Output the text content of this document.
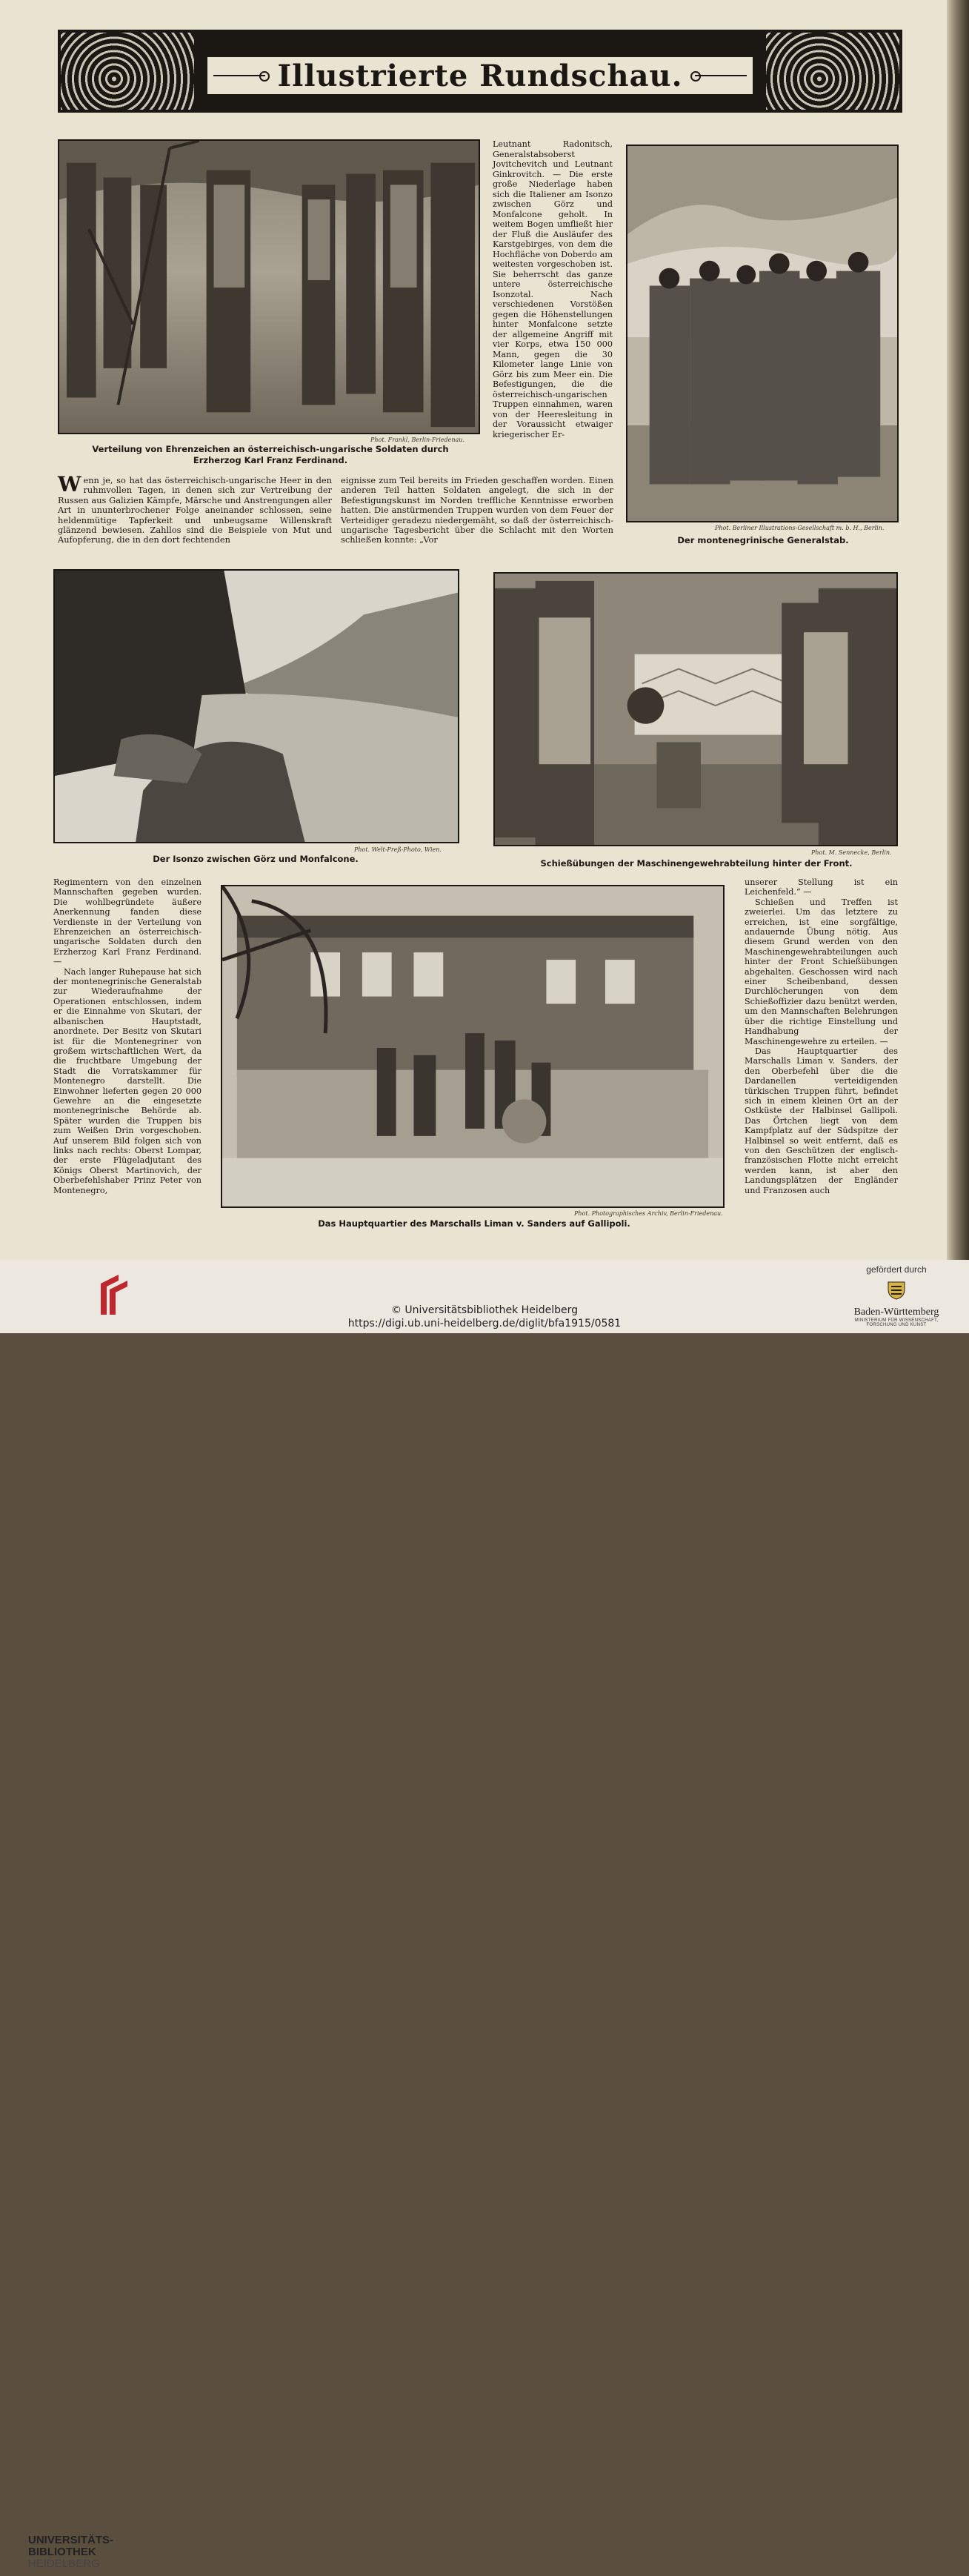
Illustrierte Rundschau.
Phot. Frankl, Berlin-Friedenau.
Verteilung von Ehrenzeichen an österreichisch-ungarische Soldaten durch Erzherzog Karl Franz Ferdinand.

Leutnant Radonitsch, Generalstabsoberst Jovitchevitch und Leutnant Ginkrovitch. — Die erste große Niederlage haben sich die Italiener am Isonzo zwischen Görz und Monfalcone geholt. In weitem Bogen umfließt hier der Fluß die Ausläufer des Karstgebirges, von dem die Hochfläche von Doberdo am weitesten vorgeschoben ist. Sie beherrscht das ganze untere österreichische Isonzotal. Nach verschiedenen Vorstößen gegen die Höhenstellungen hinter Monfalcone setzte der allgemeine Angriff mit vier Korps, etwa 150 000 Mann, gegen die 30 Kilometer lange Linie von Görz bis zum Meer ein. Die Befestigungen, die die österreichisch-ungarischen Truppen einnahmen, waren von der Heeresleitung in der Voraussicht etwaiger kriegerischer Er-

Phot. Berliner Illustrations-Gesellschaft m. b. H., Berlin.
Der montenegrinische Generalstab.

Wenn je, so hat das österreichisch-ungarische Heer in den ruhmvollen Tagen, in denen sich zur Vertreibung der Russen aus Galizien Kämpfe, Märsche und Anstrengungen aller Art in ununterbrochener Folge aneinander schlossen, seine heldenmütige Tapferkeit und unbeugsame Willenskraft glänzend bewiesen. Zahllos sind die Beispiele von Mut und Aufopferung, die in den dort fechtenden

eignisse zum Teil bereits im Frieden geschaffen worden. Einen anderen Teil hatten Soldaten angelegt, die sich in der Befestigungskunst im Norden treffliche Kenntnisse erworben hatten. Die anstürmenden Truppen wurden von dem Feuer der Verteidiger geradezu niedergemäht, so daß der österreichisch-ungarische Tagesbericht über die Schlacht mit den Worten schließen konnte: „Vor

Phot. Welt-Preß-Photo, Wien.
Der Isonzo zwischen Görz und Monfalcone.
Phot. M. Sennecke, Berlin.
Schießübungen der Maschinengewehrabteilung hinter der Front.

Regimentern von den einzelnen Mannschaften gegeben wurden. Die wohlbegründete äußere Anerkennung fanden diese Verdienste in der Verteilung von Ehrenzeichen an österreichisch-ungarische Soldaten durch den Erzherzog Karl Franz Ferdinand. —

Nach langer Ruhepause hat sich der montenegrinische Generalstab zur Wiederaufnahme der Operationen entschlossen, indem er die Einnahme von Skutari, der albanischen Hauptstadt, anordnete. Der Besitz von Skutari ist für die Montenegriner von großem wirtschaftlichen Wert, da die fruchtbare Umgebung der Stadt die Vorratskammer für Montenegro darstellt. Die Einwohner lieferten gegen 20 000 Gewehre an die eingesetzte montenegrinische Behörde ab. Später wurden die Truppen bis zum Weißen Drin vorgeschoben. Auf unserem Bild folgen sich von links nach rechts: Oberst Lompar, der erste Flügeladjutant des Königs Oberst Martinovich, der Oberbefehlshaber Prinz Peter von Montenegro,

Phot. Photographisches Archiv, Berlin-Friedenau.
Das Hauptquartier des Marschalls Liman v. Sanders auf Gallipoli.

unserer Stellung ist ein Leichenfeld.“ —

Schießen und Treffen ist zweierlei. Um das letztere zu erreichen, ist eine sorgfältige, andauernde Übung nötig. Aus diesem Grund werden von den Maschinengewehrabteilungen auch hinter der Front Schießübungen abgehalten. Geschossen wird nach einer Scheibenband, dessen Durchlöcherungen von dem Schießoffizier dazu benützt werden, um den Mannschaften Belehrungen über die richtige Einstellung und Handhabung der Maschinengewehre zu erteilen. —

Das Hauptquartier des Marschalls Liman v. Sanders, der den Oberbefehl über die die Dardanellen verteidigenden türkischen Truppen führt, befindet sich in einem kleinen Ort an der Ostküste der Halbinsel Gallipoli. Das Örtchen liegt von dem Kampfplatz auf der Südspitze der Halbinsel so weit entfernt, daß es von den Geschützen der englisch-französischen Flotte nicht erreicht werden kann, ist aber den Landungsplätzen der Engländer und Franzosen auch

UNIVERSITÄTS-
BIBLIOTHEK
HEIDELBERG
© Universitätsbibliothek Heidelberg
https://digi.ub.uni-heidelberg.de/diglit/bfa1915/0581
gefördert durch
Baden-Württemberg
MINISTERIUM FÜR WISSENSCHAFT, FORSCHUNG UND KUNST
